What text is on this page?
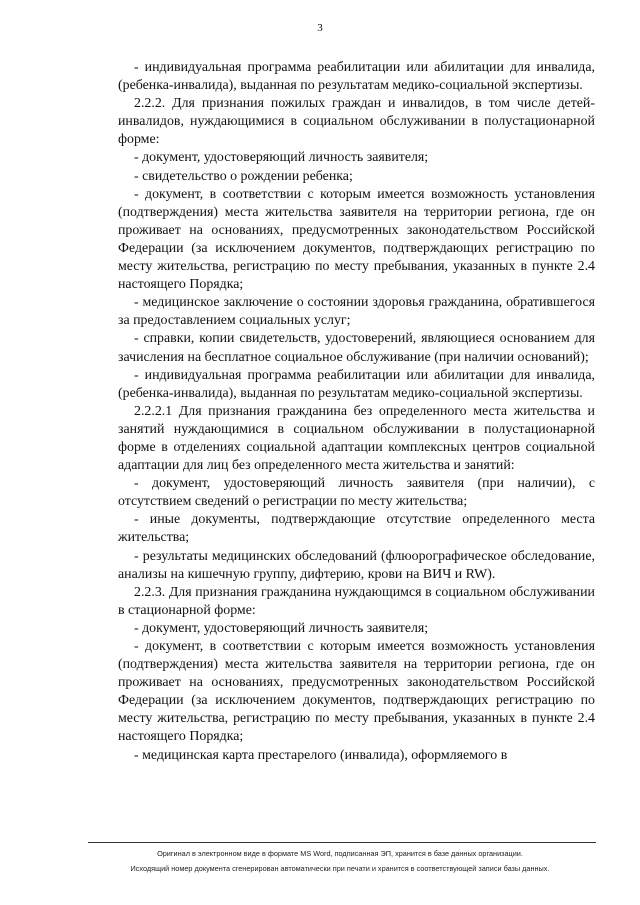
3

- индивидуальная программа реабилитации или абилитации для инвалида, (ребенка-инвалида), выданная по результатам медико-социальной экспертизы.

2.2.2. Для признания пожилых граждан и инвалидов, в том числе детей-инвалидов, нуждающимися в социальном обслуживании в полустационарной форме:

- документ, удостоверяющий личность заявителя;

- свидетельство о рождении ребенка;

- документ, в соответствии с которым имеется возможность установления (подтверждения) места жительства заявителя на территории региона, где он проживает на основаниях, предусмотренных законодательством Российской Федерации (за исключением документов, подтверждающих регистрацию по месту жительства, регистрацию по месту пребывания, указанных в пункте 2.4 настоящего Порядка;

- медицинское заключение о состоянии здоровья гражданина, обратившегося за предоставлением социальных услуг;

- справки, копии свидетельств, удостоверений, являющиеся основанием для зачисления на бесплатное социальное обслуживание (при наличии оснований);

- индивидуальная программа реабилитации или абилитации для инвалида, (ребенка-инвалида), выданная по результатам медико-социальной экспертизы.

2.2.2.1 Для признания гражданина без определенного места жительства и занятий нуждающимися в социальном обслуживании в полустационарной форме в отделениях социальной адаптации комплексных центров социальной адаптации для лиц без определенного места жительства и занятий:

- документ, удостоверяющий личность заявителя (при наличии), с отсутствием сведений о регистрации по месту жительства;

- иные документы, подтверждающие отсутствие определенного места жительства;

- результаты медицинских обследований (флюорографическое обследование, анализы на кишечную группу, дифтерию, крови на ВИЧ и RW).

2.2.3. Для признания гражданина нуждающимся в социальном обслуживании в стационарной форме:

- документ, удостоверяющий личность заявителя;

- документ, в соответствии с которым имеется возможность установления (подтверждения) места жительства заявителя на территории региона, где он проживает на основаниях, предусмотренных законодательством Российской Федерации (за исключением документов, подтверждающих регистрацию по месту жительства, регистрацию по месту пребывания, указанных в пункте 2.4 настоящего Порядка;

- медицинская карта престарелого (инвалида), оформляемого в

Оригинал в электронном виде в формате MS Word, подписанная ЭП, хранится в базе данных организации.
Исходящий номер документа сгенерирован автоматически при печати и хранится в соответствующей записи базы данных.
